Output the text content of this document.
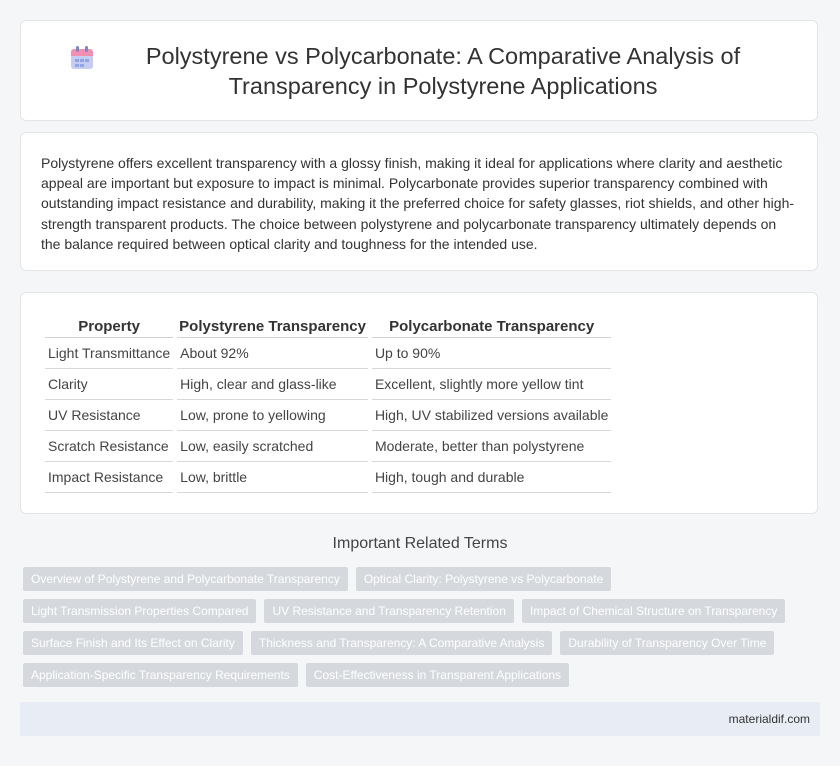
Polystyrene vs Polycarbonate: A Comparative Analysis of Transparency in Polystyrene Applications

Polystyrene offers excellent transparency with a glossy finish, making it ideal for applications where clarity and aesthetic appeal are important but exposure to impact is minimal. Polycarbonate provides superior transparency combined with outstanding impact resistance and durability, making it the preferred choice for safety glasses, riot shields, and other high-strength transparent products. The choice between polystyrene and polycarbonate transparency ultimately depends on the balance required between optical clarity and toughness for the intended use.

Property	Polystyrene Transparency	Polycarbonate Transparency
Light Transmittance	About 92%	Up to 90%
Clarity	High, clear and glass-like	Excellent, slightly more yellow tint
UV Resistance	Low, prone to yellowing	High, UV stabilized versions available
Scratch Resistance	Low, easily scratched	Moderate, better than polystyrene
Impact Resistance	Low, brittle	High, tough and durable
Important Related Terms
Overview of Polystyrene and Polycarbonate Transparency	Optical Clarity: Polystyrene vs Polycarbonate
Light Transmission Properties Compared	UV Resistance and Transparency Retention	Impact of Chemical Structure on Transparency
Surface Finish and Its Effect on Clarity	Thickness and Transparency: A Comparative Analysis	Durability of Transparency Over Time
Application-Specific Transparency Requirements	Cost-Effectiveness in Transparent Applications
materialdif.com
